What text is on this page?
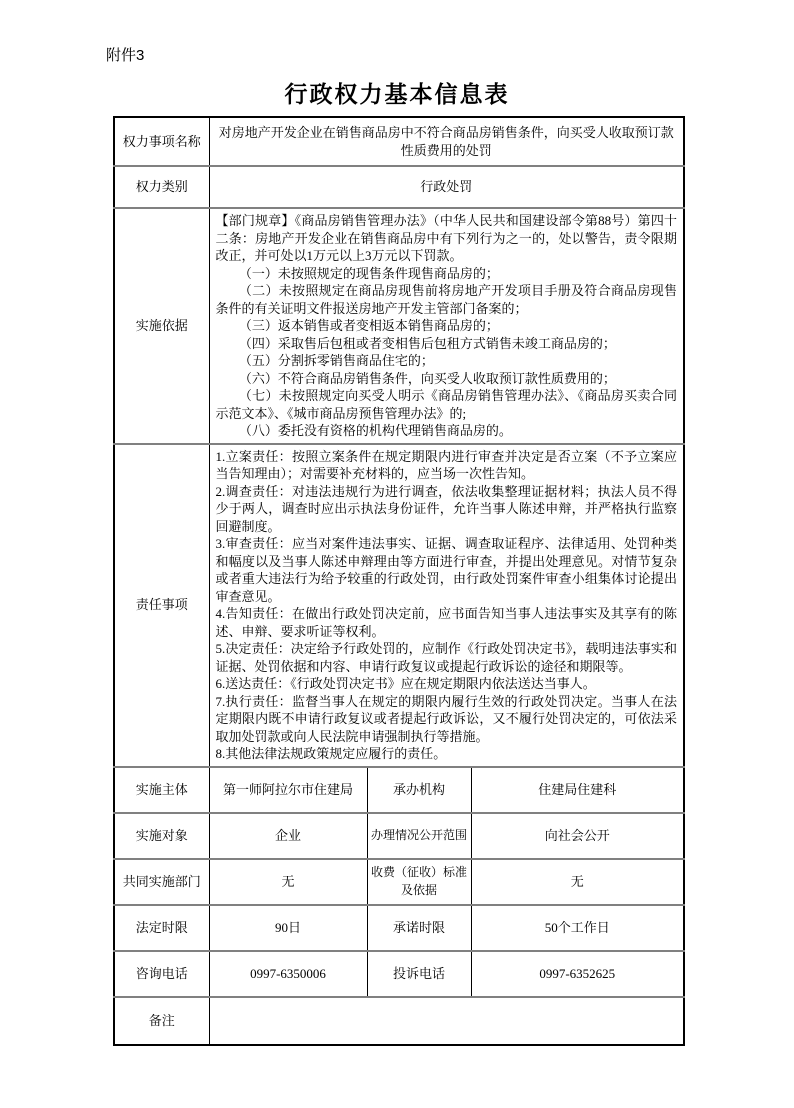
附件3
行政权力基本信息表
权力事项名称	对房地产开发企业在销售商品房中不符合商品房销售条件，向买受人收取预订款性质费用的处罚		
权力类别	行政处罚		
实施依据	

【部门规章】《商品房销售管理办法》（中华人民共和国建设部令第88号）第四十二条：房地产开发企业在销售商品房中有下列行为之一的，处以警告，责令限期改正，并可处以1万元以上3万元以下罚款。

（一）未按照规定的现售条件现售商品房的；

（二）未按照规定在商品房现售前将房地产开发项目手册及符合商品房现售条件的有关证明文件报送房地产开发主管部门备案的；

（三）返本销售或者变相返本销售商品房的；

（四）采取售后包租或者变相售后包租方式销售未竣工商品房的；

（五）分割拆零销售商品住宅的；

（六）不符合商品房销售条件，向买受人收取预订款性质费用的；

（七）未按照规定向买受人明示《商品房销售管理办法》、《商品房买卖合同示范文本》、《城市商品房预售管理办法》的;

（八）委托没有资格的机构代理销售商品房的。

责任事项	

1.立案责任：按照立案条件在规定期限内进行审查并决定是否立案（不予立案应当告知理由）；对需要补充材料的，应当场一次性告知。

2.调查责任：对违法违规行为进行调查，依法收集整理证据材料；执法人员不得少于两人，调查时应出示执法身份证件，允许当事人陈述申辩，并严格执行监察回避制度。

3.审查责任：应当对案件违法事实、证据、调查取证程序、法律适用、处罚种类和幅度以及当事人陈述申辩理由等方面进行审查，并提出处理意见。对情节复杂或者重大违法行为给予较重的行政处罚，由行政处罚案件审查小组集体讨论提出审查意见。

4.告知责任：在做出行政处罚决定前，应书面告知当事人违法事实及其享有的陈述、申辩、要求听证等权利。

5.决定责任：决定给予行政处罚的，应制作《行政处罚决定书》，载明违法事实和证据、处罚依据和内容、申请行政复议或提起行政诉讼的途径和期限等。

6.送达责任：《行政处罚决定书》应在规定期限内依法送达当事人。

7.执行责任：监督当事人在规定的期限内履行生效的行政处罚决定。当事人在法定期限内既不申请行政复议或者提起行政诉讼，又不履行处罚决定的，可依法采取加处罚款或向人民法院申请强制执行等措施。

8.其他法律法规政策规定应履行的责任。

实施主体	第一师阿拉尔市住建局	承办机构	住建局住建科
实施对象	企业	办理情况公开范围	向社会公开
共同实施部门	无	收费（征收）标准及依据	无
法定时限	90日	承诺时限	50个工作日
咨询电话	0997-6350006	投诉电话	0997-6352625
备注			
